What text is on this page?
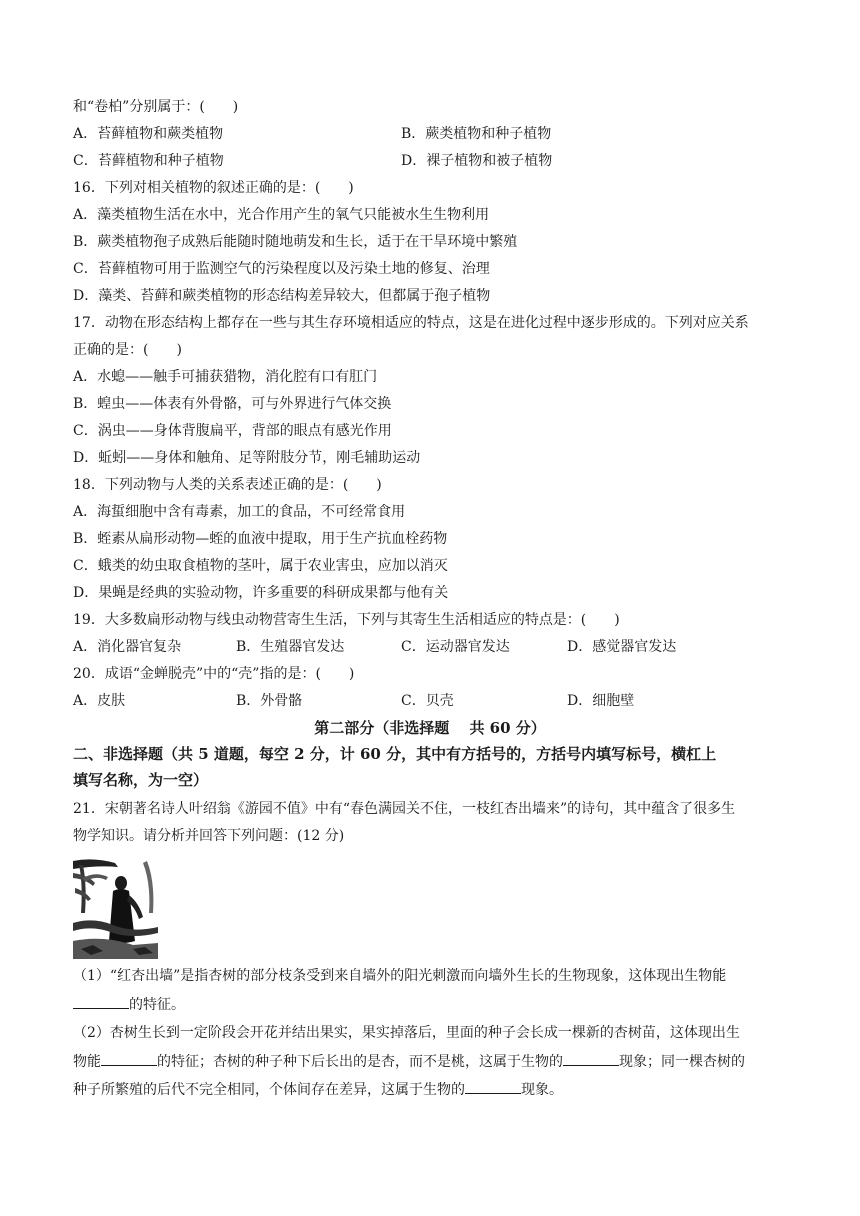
和“卷柏”分别属于：(　　)
A．苔藓植物和蕨类植物	B．蕨类植物和种子植物
C．苔藓植物和种子植物	D．裸子植物和被子植物
16．下列对相关植物的叙述正确的是：(　　)
A．藻类植物生活在水中，光合作用产生的氧气只能被水生生物利用
B．蕨类植物孢子成熟后能随时随地萌发和生长，适于在干旱环境中繁殖
C．苔藓植物可用于监测空气的污染程度以及污染土地的修复、治理
D．藻类、苔藓和蕨类植物的形态结构差异较大，但都属于孢子植物
17．动物在形态结构上都存在一些与其生存环境相适应的特点，这是在进化过程中逐步形成的。下列对应关系
正确的是：(　　)
A．水螅——触手可捕获猎物，消化腔有口有肛门
B．蝗虫——体表有外骨骼，可与外界进行气体交换
C．涡虫——身体背腹扁平，背部的眼点有感光作用
D．蚯蚓——身体和触角、足等附肢分节，刚毛辅助运动
18．下列动物与人类的关系表述正确的是：(　　)
A．海蜇细胞中含有毒素，加工的食品，不可经常食用
B．蛭素从扁形动物—蛭的血液中提取，用于生产抗血栓药物
C．蛾类的幼虫取食植物的茎叶，属于农业害虫，应加以消灭
D．果蝇是经典的实验动物，许多重要的科研成果都与他有关
19．大多数扁形动物与线虫动物营寄生生活，下列与其寄生生活相适应的特点是：(　　)
A．消化器官复杂	B．生殖器官发达	C．运动器官发达	D．感觉器官发达
20．成语“金蝉脱壳”中的“壳”指的是：(　　)
A．皮肤	B．外骨骼	C．贝壳	D．细胞壁
第二部分（非选择题　 共 60 分）
二、非选择题（共 5 道题，每空 2 分，计 60 分，其中有方括号的，方括号内填写标号，横杠上
填写名称，为一空）
21．宋朝著名诗人叶绍翁《游园不值》中有“春色满园关不住，一枝红杏出墙来”的诗句，其中蕴含了很多生
物学知识。请分析并回答下列问题：(12 分)
（1）“红杏出墙”是指杏树的部分枝条受到来自墙外的阳光刺激而向墙外生长的生物现象，这体现出生物能
的特征。
（2）杏树生长到一定阶段会开花并结出果实，果实掉落后，里面的种子会长成一棵新的杏树苗，这体现出生
物能	的特征；杏树的种子种下后长出的是杏，而不是桃，这属于生物的	现象；同一棵杏树的
种子所繁殖的后代不完全相同，个体间存在差异，这属于生物的	现象。
